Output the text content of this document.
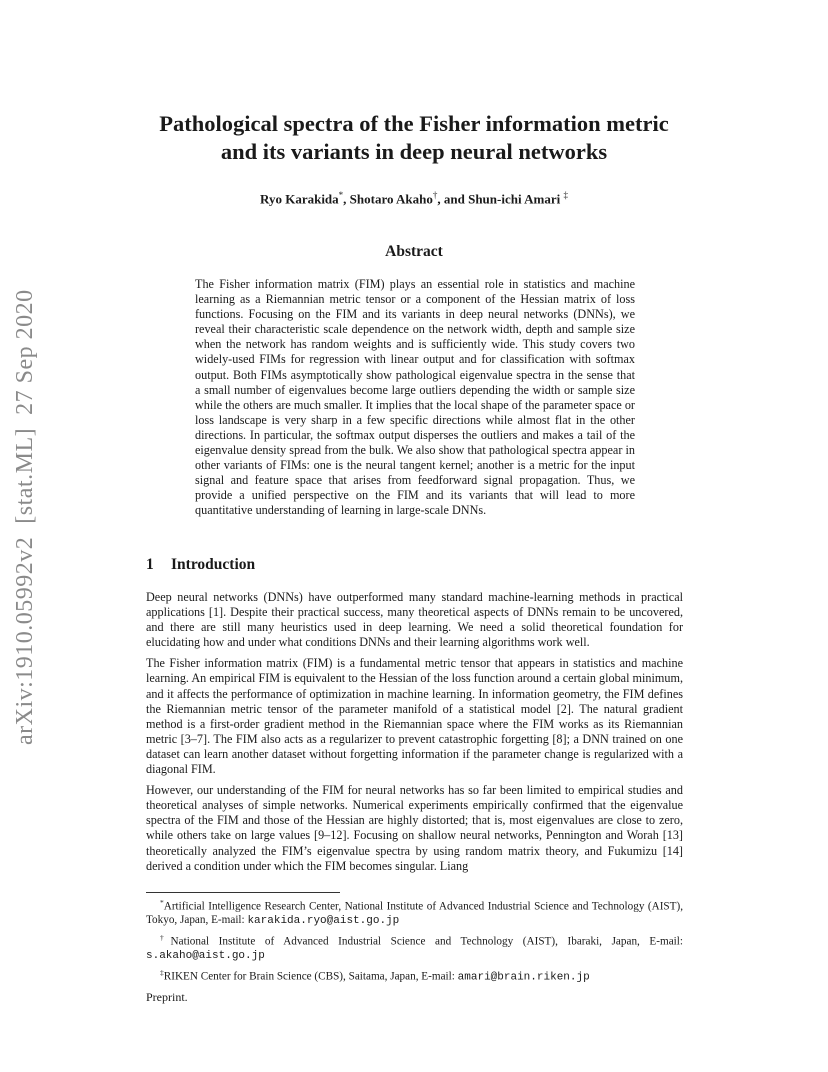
arXiv:1910.05992v2  [stat.ML]  27 Sep 2020
Pathological spectra of the Fisher information metric
and its variants in deep neural networks
Ryo Karakida*, Shotaro Akaho†, and Shun-ichi Amari ‡
Abstract
The Fisher information matrix (FIM) plays an essential role in statistics and machine learning as a Riemannian metric tensor or a component of the Hessian matrix of loss functions. Focusing on the FIM and its variants in deep neural networks (DNNs), we reveal their characteristic scale dependence on the network width, depth and sample size when the network has random weights and is sufficiently wide. This study covers two widely-used FIMs for regression with linear output and for classification with softmax output. Both FIMs asymptotically show pathological eigenvalue spectra in the sense that a small number of eigenvalues become large outliers depending the width or sample size while the others are much smaller. It implies that the local shape of the parameter space or loss landscape is very sharp in a few specific directions while almost flat in the other directions. In particular, the softmax output disperses the outliers and makes a tail of the eigenvalue density spread from the bulk. We also show that pathological spectra appear in other variants of FIMs: one is the neural tangent kernel; another is a metric for the input signal and feature space that arises from feedforward signal propagation. Thus, we provide a unified perspective on the FIM and its variants that will lead to more quantitative understanding of learning in large-scale DNNs.
1 Introduction

Deep neural networks (DNNs) have outperformed many standard machine-learning methods in practical applications [1]. Despite their practical success, many theoretical aspects of DNNs remain to be uncovered, and there are still many heuristics used in deep learning. We need a solid theoretical foundation for elucidating how and under what conditions DNNs and their learning algorithms work well.

The Fisher information matrix (FIM) is a fundamental metric tensor that appears in statistics and machine learning. An empirical FIM is equivalent to the Hessian of the loss function around a certain global minimum, and it affects the performance of optimization in machine learning. In information geometry, the FIM defines the Riemannian metric tensor of the parameter manifold of a statistical model [2]. The natural gradient method is a first-order gradient method in the Riemannian space where the FIM works as its Riemannian metric [3–7]. The FIM also acts as a regularizer to prevent catastrophic forgetting [8]; a DNN trained on one dataset can learn another dataset without forgetting information if the parameter change is regularized with a diagonal FIM.

However, our understanding of the FIM for neural networks has so far been limited to empirical studies and theoretical analyses of simple networks. Numerical experiments empirically confirmed that the eigenvalue spectra of the FIM and those of the Hessian are highly distorted; that is, most eigenvalues are close to zero, while others take on large values [9–12]. Focusing on shallow neural networks, Pennington and Worah [13] theoretically analyzed the FIM’s eigenvalue spectra by using random matrix theory, and Fukumizu [14] derived a condition under which the FIM becomes singular. Liang

*Artificial Intelligence Research Center, National Institute of Advanced Industrial Science and Technology (AIST), Tokyo, Japan, E-mail: karakida.ryo@aist.go.jp

†National Institute of Advanced Industrial Science and Technology (AIST), Ibaraki, Japan, E-mail: s.akaho@aist.go.jp

‡RIKEN Center for Brain Science (CBS), Saitama, Japan, E-mail: amari@brain.riken.jp

Preprint.
